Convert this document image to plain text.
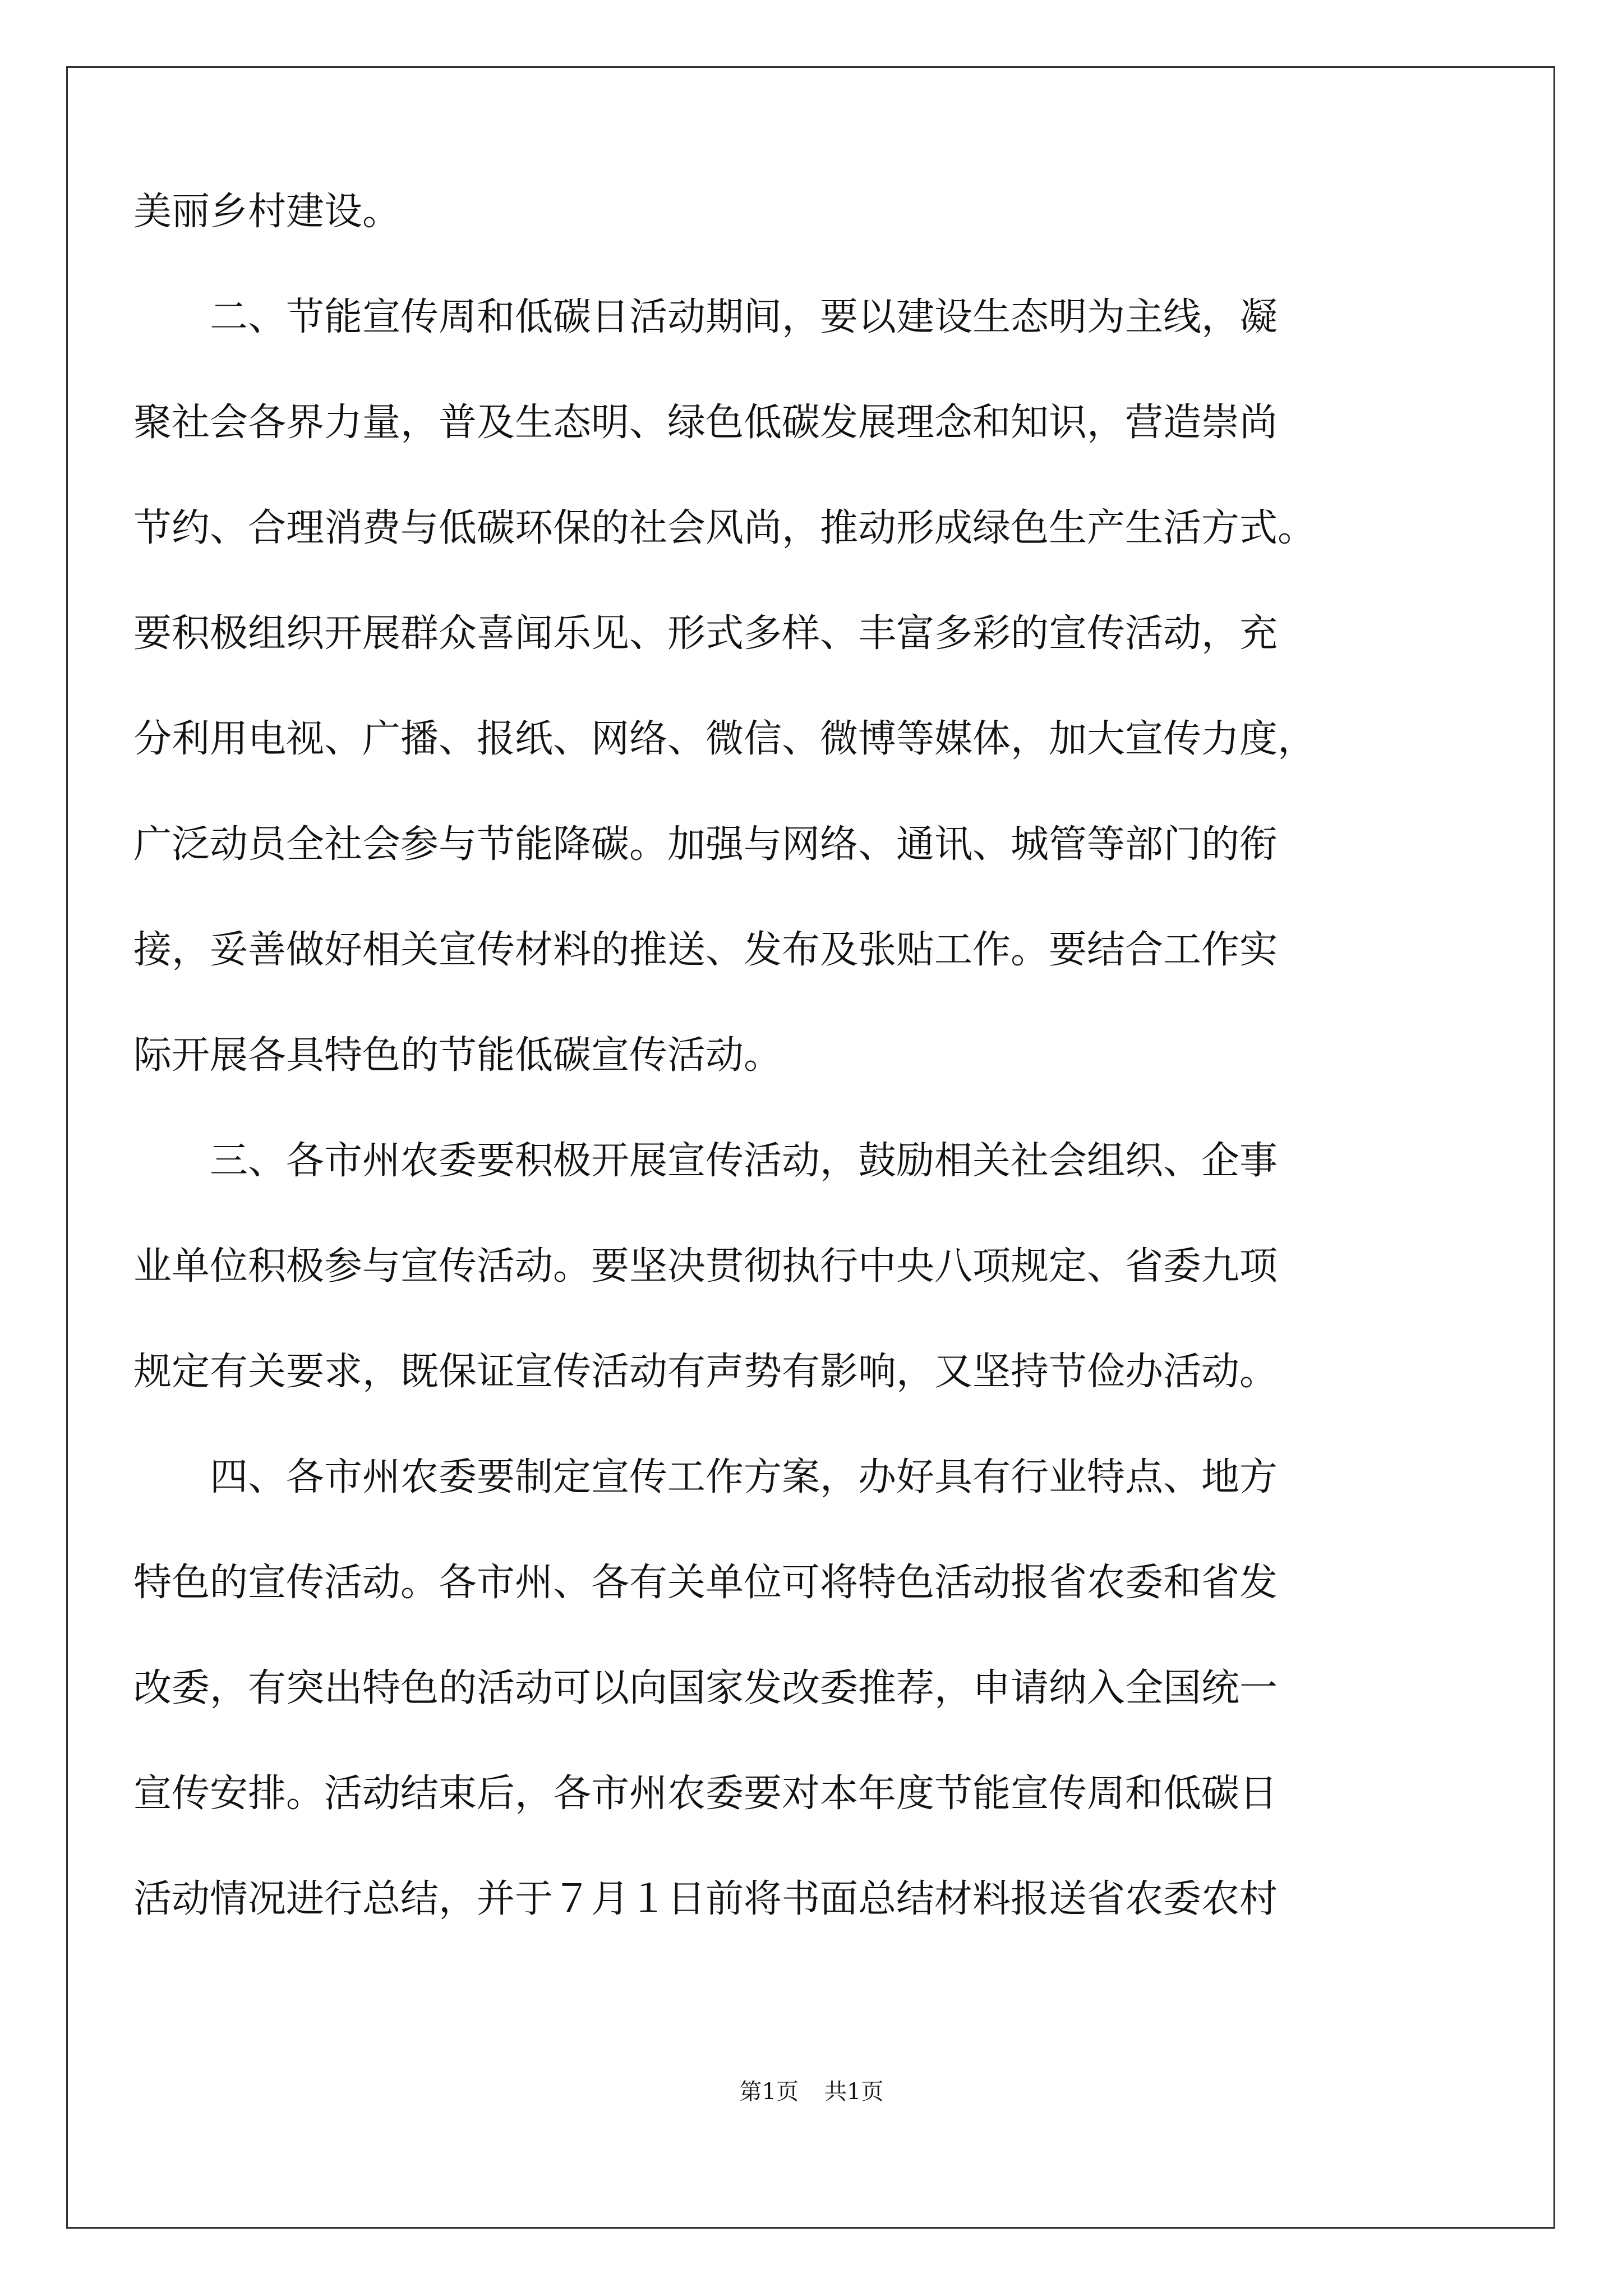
美丽乡村建设。
二、节能宣传周和低碳日活动期间，要以建设生态明为主线，凝
聚社会各界力量，普及生态明、绿色低碳发展理念和知识，营造崇尚
节约、合理消费与低碳环保的社会风尚，推动形成绿色生产生活方式。
要积极组织开展群众喜闻乐见、形式多样、丰富多彩的宣传活动，充
分利用电视、广播、报纸、网络、微信、微博等媒体，加大宣传力度，
广泛动员全社会参与节能降碳。加强与网络、通讯、城管等部门的衔
接，妥善做好相关宣传材料的推送、发布及张贴工作。要结合工作实
际开展各具特色的节能低碳宣传活动。
三、各市州农委要积极开展宣传活动，鼓励相关社会组织、企事
业单位积极参与宣传活动。要坚决贯彻执行中央八项规定、省委九项
规定有关要求，既保证宣传活动有声势有影响，又坚持节俭办活动。
四、各市州农委要制定宣传工作方案，办好具有行业特点、地方
特色的宣传活动。各市州、各有关单位可将特色活动报省农委和省发
改委，有突出特色的活动可以向国家发改委推荐，申请纳入全国统一
宣传安排。活动结束后，各市州农委要对本年度节能宣传周和低碳日
活动情况进行总结，并于７月１日前将书面总结材料报送省农委农村
第1页 共1页
